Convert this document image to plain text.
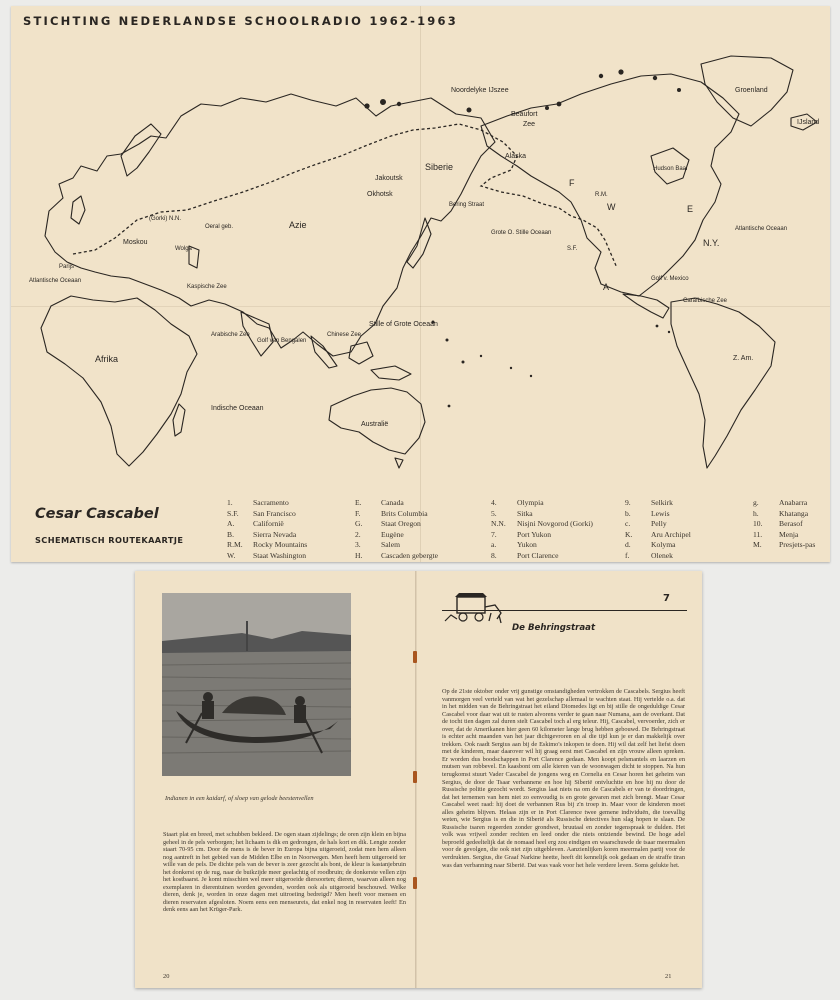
Noordelyke IJszee
Beaufort
Zee
Groenland
IJsland
Alaska
Siberie
Jakoutsk
Okhotsk
Azie
Bering Straat
Grote O. Stille Oceaan
Stille of Grote Oceaan
Atlantische Oceaan
Atlantische Oceaan
Afrika
Indische Oceaan
Australië
Z. Am.
N.Y.
Hudson Baai
Golf v. Mexico
Caraïbische Zee
Moskou
Parijs
Kaspische Zee
Arabische Zee
Golf van Bengalen
Chinese Zee
(Gorki) N.N.
Wolga
Oeral geb.
E
F
W
A
R.M.
S.F.
STICHTING NEDERLANDSE SCHOOLRADIO 1962-1963
Cesar Cascabel
SCHEMATISCH ROUTEKAARTJE
1.	Sacramento
S.F.	San Francisco
A.	Californië
B.	Sierra Nevada
R.M.	Rocky Mountains
W.	Staat Washington
E.	Canada
F.	Brits Columbia
G.	Staat Oregon
2.	Eugène
3.	Salem
H.	Cascaden gebergte
4.	Olympia
5.	Sitka
N.N.	Nisjni Novgorod (Gorki)
7.	Port Yukon
a.	Yukon
8.	Port Clarence
9.	Selkirk
b.	Lewis
c.	Pelly
K.	Aru Archipel
d.	Kolyma
f.	Olenek
g.	Anabarra
h.	Khatanga
10.	Berasof
11.	Menja
M.	Presjets-pas
Indianen in een kaidarf, of sloep van gelode beestenvellen
Staart plat en breed, met schubben bekleed. De ogen staan zijdelings; de oren zijn klein en bijna geheel in de pels verborgen; het lichaam is dik en gedrongen, de hals kort en dik. Lengte zonder staart 70-95 cm. Door de mens is de bever in Europa bijna uitgeroeid, zodat men hem alleen nog aantreft in het gebied van de Midden Elbe en in Noorwegen. Men heeft hem uitgeroeid ter wille van de pels. De dichte pels van de bever is zeer gezocht als bont, de kleur is kastanjebruin het donkerst op de rug, naar de buikzijde meer geelachtig of roodbruin; de donkerste vellen zijn het kostbaarst. Je komt misschien wel meer uitgeroeide diersoorten; dieren, waarvan alleen nog exemplaren in dierentuinen worden gevonden, worden ook als uitgeroeid beschouwd. Welke dieren, denk je, worden in onze dagen met uitroeiing bedreigd? Men heeft voor mensen en dieren reservaten afgesloten. Noem eens een menseureis, dat enkel nog in reservaten leeft! En denk eens aan het Krüger-Park.
20
7
De Behringstraat
Op de 21ste oktober onder vrij gunstige omstandigheden vertrokken de Cascabels. Sergius heeft vanmorgen veel verteld van wat het gezelschap allemaal te wachten staat. Hij vertelde o.a. dat in het midden van de Behringstraat het eiland Diomedes ligt en bij stille de ongeduldige Cesar Cascabel voor daar wat uit te rusten alvorens verder te gaan naar Numana, aan de overkant. Dat de tocht tien dagen zal duren stelt Cascabel toch al erg teleur. Hij, Cascabel, vervoerder, zich er over, dat de Amerikanen hier geen 60 kilometer lange brug hebben gebouwd. De Behringstraat is echter acht maanden van het jaar dichtgevroren en al die tijd kun je er dan makkelijk over trekken. Ook raadt Sergius aan bij de Eskimo's inkopen te doen. Hij wil dat zelf het liefst doen met de kinderen, maar daarover wil hij graag eerst met Cascabel en zijn vrouw alleen spreken. Er worden dus boodschappen in Port Clarence gedaan. Men koopt pelsmantels en laarzen en mutsen van robbevel. En kaasbont om alle kieren van de woonwagen dicht te stoppen. Na hun terugkomst stuurt Vader Cascabel de jongens weg en Cornelia en Cesar horen het geheim van Sergius, de door de Tsaar verbannene en hoe hij Siberië ontvluchtte en hoe hij nu door de Russische politie gezocht wordt. Sergius laat niets na om de Cascabels er van te doordringen, dat het ternemen van hem niet zo eenvoudig is en grote gevaren met zich brengt. Maar Cesar Cascabel weet raad: hij doet de verbannen Rus bij z'n troep in. Maar voor de kinderen moet alles geheim blijven. Helaas zijn er in Port Clarence twee gemene individuën, die toevallig weten, wie Sergius is en die in Siberië als Russische detectives hun slag hopen te slaan. De Russische tsaren regeerden zonder grondwet, bruutaal en zonder tegenspraak te dulden. Het volk was vrijwel zonder rechten en leed onder die niets ontziende bewind. De hoge adel beproefd gedeeltelijk dat de nomaad heel erg zou eindigen en waarschuwde de tsaar meermalen voor de gevolgen, die ook niet zijn uitgebleven. Aanzienlijken koren meermalen partij voor de verdrukten. Sergius, die Graaf Narkine heette, heeft dit kennelijk ook gedaan en de straffe tiran was dan verbanning naar Siberië. Dat was vaak voor het hele verdere leven. Soms gelukte het.
21
